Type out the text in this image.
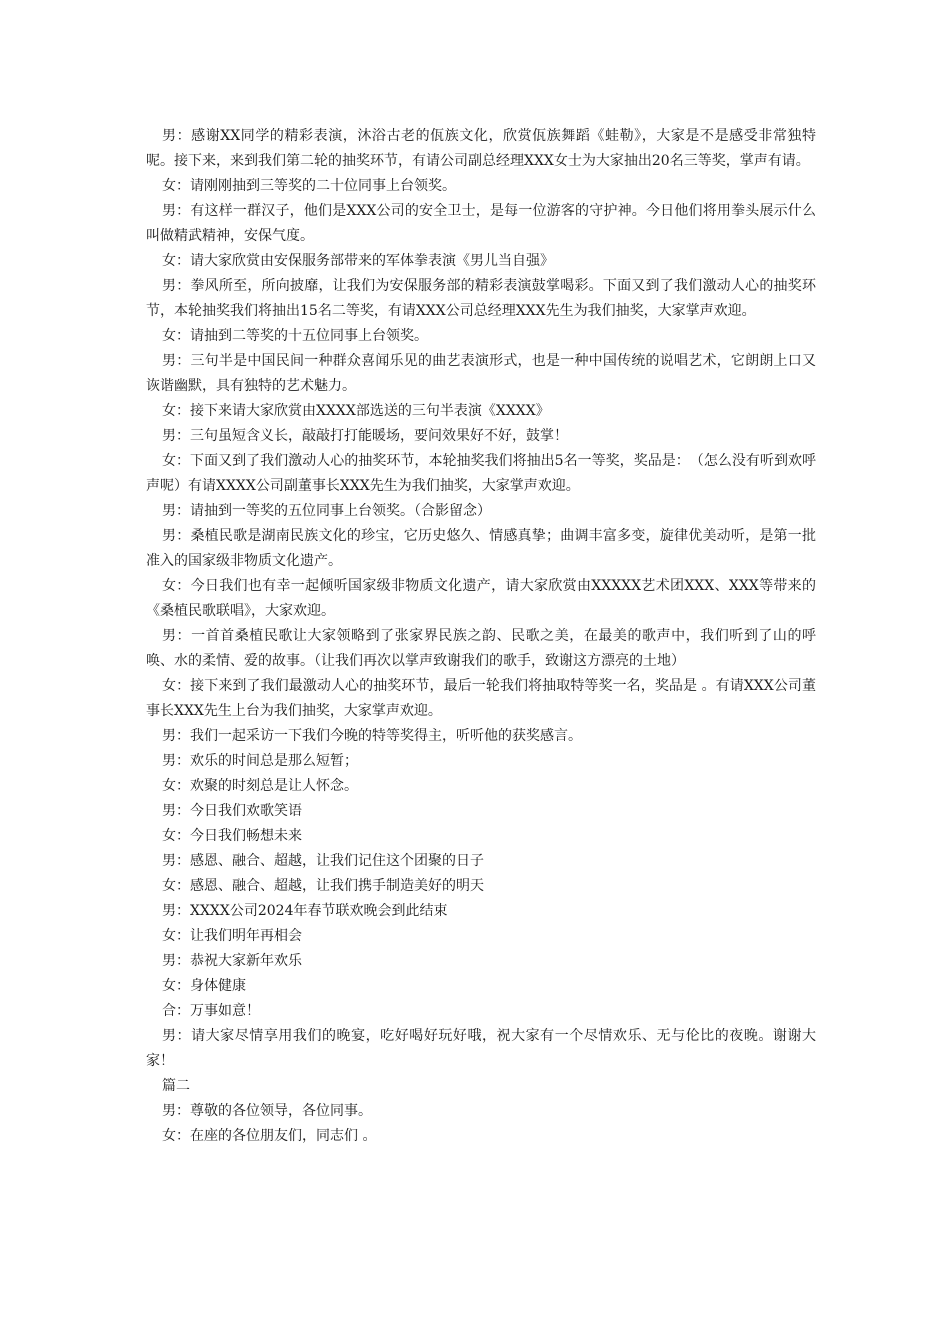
男：感谢XX同学的精彩表演，沐浴古老的佤族文化，欣赏佤族舞蹈《蛙勒》，大家是不是感受非常独特呢。接下来，来到我们第二轮的抽奖环节，有请公司副总经理XXX女士为大家抽出20名三等奖，掌声有请。

女：请刚刚抽到三等奖的二十位同事上台领奖。

男：有这样一群汉子，他们是XXX公司的安全卫士，是每一位游客的守护神。今日他们将用拳头展示什么叫做精武精神，安保气度。

女：请大家欣赏由安保服务部带来的军体拳表演《男儿当自强》

男：拳风所至，所向披靡，让我们为安保服务部的精彩表演鼓掌喝彩。下面又到了我们激动人心的抽奖环节，本轮抽奖我们将抽出15名二等奖，有请XXX公司总经理XXX先生为我们抽奖，大家掌声欢迎。

女：请抽到二等奖的十五位同事上台领奖。

男：三句半是中国民间一种群众喜闻乐见的曲艺表演形式，也是一种中国传统的说唱艺术，它朗朗上口又诙谐幽默，具有独特的艺术魅力。

女：接下来请大家欣赏由XXXX部选送的三句半表演《XXXX》

男：三句虽短含义长，敲敲打打能暖场，要问效果好不好，鼓掌！

女：下面又到了我们激动人心的抽奖环节，本轮抽奖我们将抽出5名一等奖，奖品是：　（怎么没有听到欢呼声呢）有请XXXX公司副董事长XXX先生为我们抽奖，大家掌声欢迎。

男：请抽到一等奖的五位同事上台领奖。（合影留念）

男：桑植民歌是湖南民族文化的珍宝，它历史悠久、情感真挚；曲调丰富多变，旋律优美动听，是第一批准入的国家级非物质文化遗产。

女：今日我们也有幸一起倾听国家级非物质文化遗产，请大家欣赏由XXXXX艺术团XXX、XXX等带来的《桑植民歌联唱》，大家欢迎。

男：一首首桑植民歌让大家领略到了张家界民族之韵、民歌之美，在最美的歌声中，我们听到了山的呼唤、水的柔情、爱的故事。（让我们再次以掌声致谢我们的歌手，致谢这方漂亮的土地）

女：接下来到了我们最激动人心的抽奖环节，最后一轮我们将抽取特等奖一名，奖品是 。有请XXX公司董事长XXX先生上台为我们抽奖，大家掌声欢迎。

男：我们一起采访一下我们今晚的特等奖得主，听听他的获奖感言。

男：欢乐的时间总是那么短暂；

女：欢聚的时刻总是让人怀念。

男：今日我们欢歌笑语

女：今日我们畅想未来

男：感恩、融合、超越，让我们记住这个团聚的日子

女：感恩、融合、超越，让我们携手制造美好的明天

男：XXXX公司2024年春节联欢晚会到此结束

女：让我们明年再相会

男：恭祝大家新年欢乐

女：身体健康

合：万事如意！

男：请大家尽情享用我们的晚宴，吃好喝好玩好哦，祝大家有一个尽情欢乐、无与伦比的夜晚。谢谢大家！

篇二

男：尊敬的各位领导，各位同事。

女：在座的各位朋友们，同志们 。
